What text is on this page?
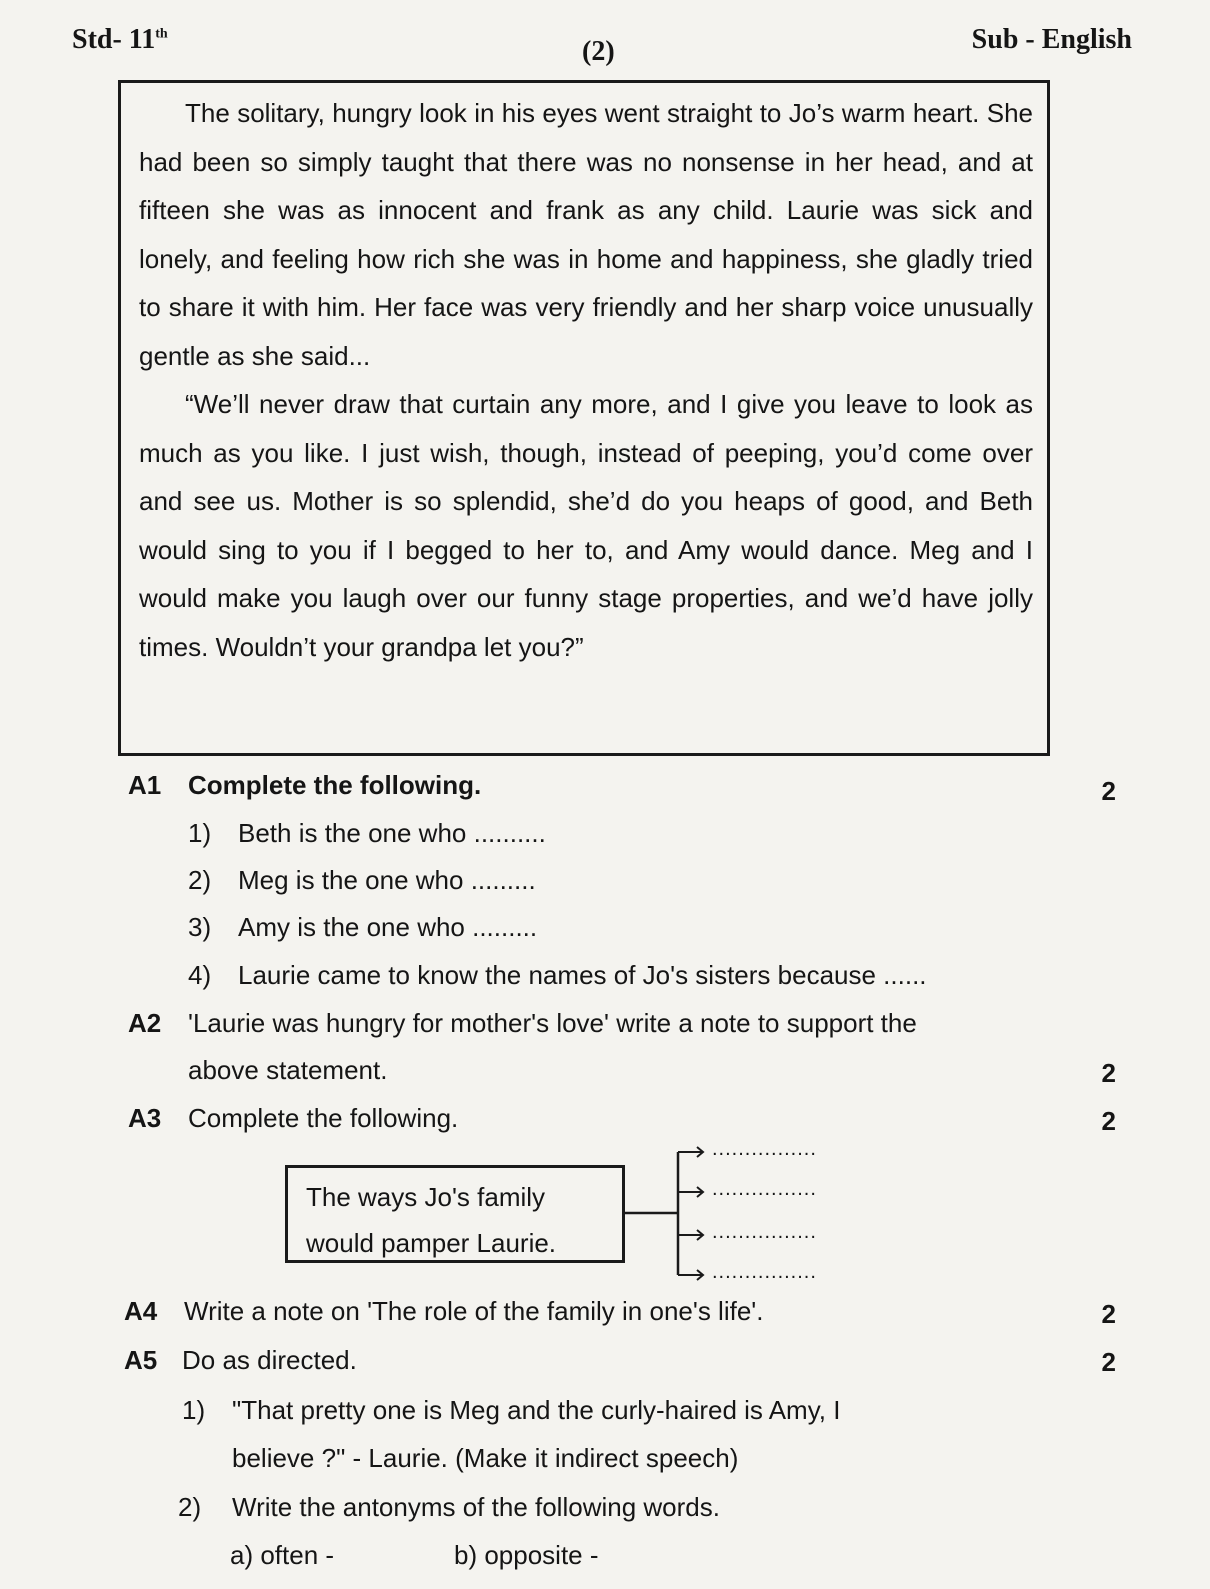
Std- 11th
(2)	Sub - English

The solitary, hungry look in his eyes went straight to Jo’s warm heart. She had been so simply taught that there was no nonsense in her head, and at fifteen she was as innocent and frank as any child. Laurie was sick and lonely, and feeling how rich she was in home and happiness, she gladly tried to share it with him. Her face was very friendly and her sharp voice unusually gentle as she said...

“We’ll never draw that curtain any more, and I give you leave to look as much as you like. I just wish, though, instead of peeping, you’d come over and see us. Mother is so splendid, she’d do you heaps of good, and Beth would sing to you if I begged to her to, and Amy would dance. Meg and I would make you laugh over our funny stage properties, and we’d have jolly times. Wouldn’t your grandpa let you?”

A1 Complete the following.	2
1) Beth is the one who ..........
2) Meg is the one who .........
3) Amy is the one who .........
4) Laurie came to know the names of Jo's sisters because ......
A2 'Laurie was hungry for mother's love' write a note to support the
above statement.	2
A3 Complete the following.	2
The ways Jo's family
would pamper Laurie.
................
................
................
................
A4 Write a note on 'The role of the family in one's life'.	2
A5 Do as directed.	2
1) "That pretty one is Meg and the curly-haired is Amy, I
believe ?" - Laurie. (Make it indirect speech)
2) Write the antonyms of the following words.
a) often -	b) opposite -
